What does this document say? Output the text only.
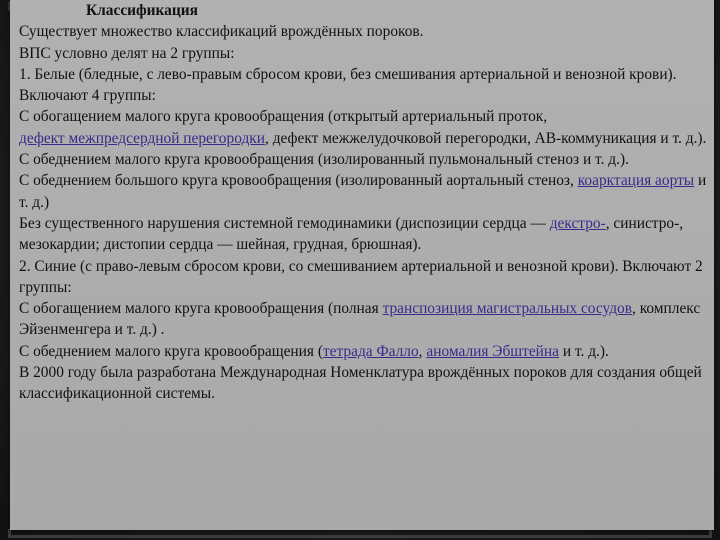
Классификация

Существует множество классификаций врождённых пороков.

ВПС условно делят на 2 группы:

1. Белые (бледные, с лево-правым сбросом крови, без смешивания артериальной и венозной крови). Включают 4 группы:

С обогащением малого круга кровообращения (открытый артериальный проток,
дефект межпредсердной перегородки, дефект межжелудочковой перегородки, АВ-коммуникация и т. д.).

С обеднением малого круга кровообращения (изолированный пульмональный стеноз и т. д.).

С обеднением большого круга кровообращения (изолированный аортальный стеноз, коарктация аорты и т. д.)

Без существенного нарушения системной гемодинамики (диспозиции сердца — декстро-, синистро-, мезокардии; дистопии сердца — шейная, грудная, брюшная).

2. Синие (с право-левым сбросом крови, со смешиванием артериальной и венозной крови). Включают 2 группы:

С обогащением малого круга кровообращения (полная транспозиция магистральных сосудов, комплекс Эйзенменгера и т. д.) .

С обеднением малого круга кровообращения (тетрада Фалло, аномалия Эбштейна и т. д.).

В 2000 году была разработана Международная Номенклатура врождённых пороков для создания общей классификационной системы.
